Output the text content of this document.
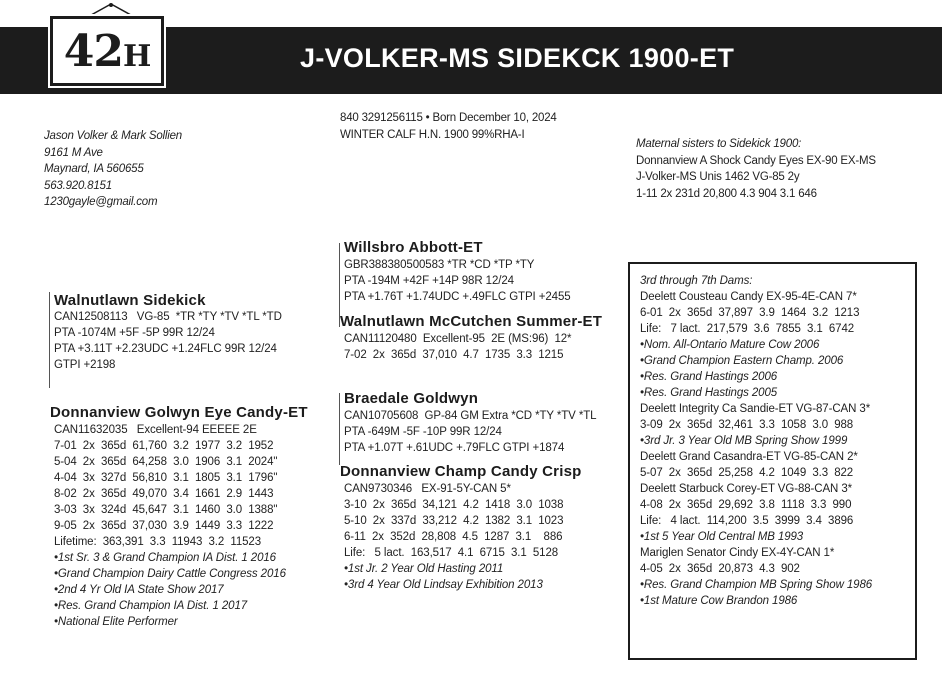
42H	J-VOLKER-MS SIDEKCK 1900-ET
Jason Volker & Mark Sollien
9161 M Ave
Maynard, IA 560655
563.920.8151
1230gayle@gmail.com
840 3291256115 • Born December 10, 2024
WINTER CALF H.N. 1900 99%RHA-I
Maternal sisters to Sidekick 1900:
Donnanview A Shock Candy Eyes EX-90 EX-MS
J-Volker-MS Unis 1462 VG-85 2y
1-11 2x 231d 20,800 4.3 904 3.1 646
Walnutlawn Sidekick
CAN12508113   VG-85  *TR *TY *TV *TL *TD
PTA -1074M +5F -5P 99R 12/24
PTA +3.11T +2.23UDC +1.24FLC 99R 12/24
GTPI +2198
Donnanview Golwyn Eye Candy-ET
CAN11632035   Excellent-94 EEEEE 2E
7-01  2x  365d  61,760  3.2  1977  3.2  1952
5-04  2x  365d  64,258  3.0  1906  3.1  2024"
4-04  3x  327d  56,810  3.1  1805  3.1  1796"
8-02  2x  365d  49,070  3.4  1661  2.9  1443
3-03  3x  324d  45,647  3.1  1460  3.0  1388"
9-05  2x  365d  37,030  3.9  1449  3.3  1222
Lifetime:  363,391  3.3  11943  3.2  11523
•1st Sr. 3 & Grand Champion IA Dist. 1 2016
•Grand Champion Dairy Cattle Congress 2016
•2nd 4 Yr Old IA State Show 2017
•Res. Grand Champion IA Dist. 1 2017
•National Elite Performer
Willsbro Abbott-ET
GBR388380500583 *TR *CD *TP *TY
PTA -194M +42F +14P 98R 12/24
PTA +1.76T +1.74UDC +.49FLC GTPI +2455
Walnutlawn McCutchen Summer-ET
CAN11120480  Excellent-95  2E (MS:96)  12*
7-02  2x  365d  37,010  4.7  1735  3.3  1215
Braedale Goldwyn
CAN10705608  GP-84 GM Extra *CD *TY *TV *TL
PTA -649M -5F -10P 99R 12/24
PTA +1.07T +.61UDC +.79FLC GTPI +1874
Donnanview Champ Candy Crisp
CAN9730346   EX-91-5Y-CAN 5*
3-10  2x  365d  34,121  4.2  1418  3.0  1038
5-10  2x  337d  33,212  4.2  1382  3.1  1023
6-11  2x  352d  28,808  4.5  1287  3.1    886
Life:   5 lact.  163,517  4.1  6715  3.1  5128
•1st Jr. 2 Year Old Hasting 2011
•3rd 4 Year Old Lindsay Exhibition 2013
3rd through 7th Dams:
Deelett Cousteau Candy EX-95-4E-CAN 7*
6-01  2x  365d  37,897  3.9  1464  3.2  1213
Life:   7 lact.  217,579  3.6  7855  3.1  6742
•Nom. All-Ontario Mature Cow 2006
•Grand Champion Eastern Champ. 2006
•Res. Grand Hastings 2006
•Res. Grand Hastings 2005
Deelett Integrity Ca Sandie-ET VG-87-CAN 3*
3-09  2x  365d  32,461  3.3  1058  3.0  988
•3rd Jr. 3 Year Old MB Spring Show 1999
Deelett Grand Casandra-ET VG-85-CAN 2*
5-07  2x  365d  25,258  4.2  1049  3.3  822
Deelett Starbuck Corey-ET VG-88-CAN 3*
4-08  2x  365d  29,692  3.8  1118  3.3  990
Life:   4 lact.  114,200  3.5  3999  3.4  3896
•1st 5 Year Old Central MB 1993
Mariglen Senator Cindy EX-4Y-CAN 1*
4-05  2x  365d  20,873  4.3  902
•Res. Grand Champion MB Spring Show 1986
•1st Mature Cow Brandon 1986
